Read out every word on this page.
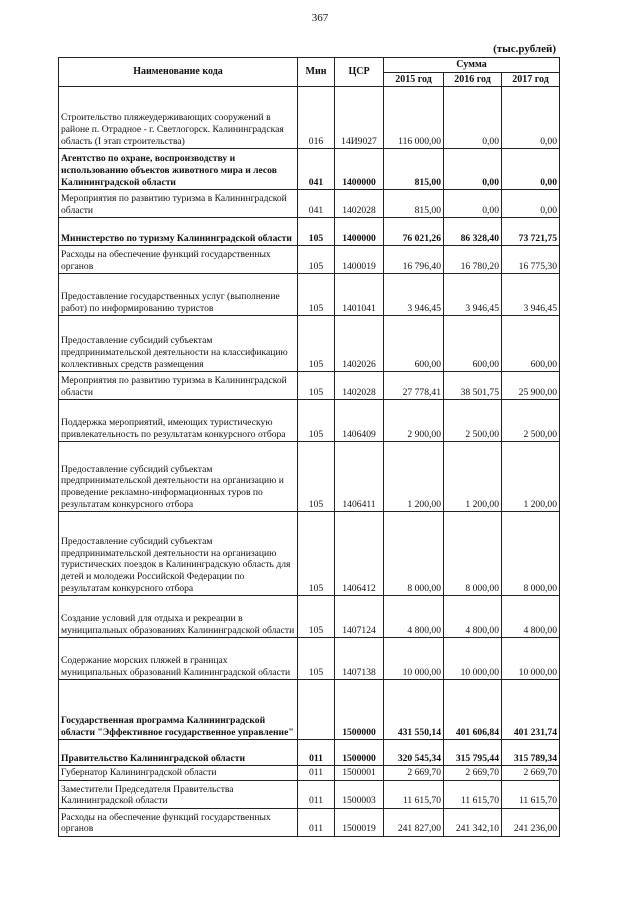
367
(тыс.рублей)
Наименование кода	Мин	ЦСР	Сумма		
			2015 год	2016 год	2017 год
Строительство пляжеудерживающих сооружений в районе п. Отрадное - г. Светлогорск. Калининградская область (I этап строительства)	016	14И9027	116 000,00	0,00	0,00
Агентство по охране, воспроизводству и использованию объектов животного мира и лесов Калининградской области	041	1400000	815,00	0,00	0,00
Мероприятия по развитию туризма в Калининградской области	041	1402028	815,00	0,00	0,00
Министерство по туризму Калининградской области	105	1400000	76 021,26	86 328,40	73 721,75
Расходы на обеспечение функций государственных органов	105	1400019	16 796,40	16 780,20	16 775,30
Предоставление государственных услуг (выполнение работ) по информированию туристов	105	1401041	3 946,45	3 946,45	3 946,45
Предоставление субсидий субъектам предпринимательской деятельности на классификацию коллективных средств размещения	105	1402026	600,00	600,00	600,00
Мероприятия по развитию туризма в Калининградской области	105	1402028	27 778,41	38 501,75	25 900,00
Поддержка мероприятий, имеющих туристическую привлекательность по результатам конкурсного отбора	105	1406409	2 900,00	2 500,00	2 500,00
Предоставление субсидий субъектам предпринимательской деятельности на организацию и проведение рекламно-информационных туров по результатам конкурсного отбора	105	1406411	1 200,00	1 200,00	1 200,00
Предоставление субсидий субъектам предпринимательской деятельности на организацию туристических поездок в Калининградскую область для детей и молодежи Российской Федерации по результатам конкурсного отбора	105	1406412	8 000,00	8 000,00	8 000,00
Создание условий для отдыха и рекреации в муниципальных образованиях Калининградской области	105	1407124	4 800,00	4 800,00	4 800,00
Содержание морских пляжей в границах муниципальных образований Калининградской области	105	1407138	10 000,00	10 000,00	10 000,00
Государственная программа Калининградской области "Эффективное государственное управление"		1500000	431 550,14	401 606,84	401 231,74
Правительство Калининградской области	011	1500000	320 545,34	315 795,44	315 789,34
Губернатор Калининградской области	011	1500001	2 669,70	2 669,70	2 669,70
Заместители Председателя Правительства Калининградской области	011	1500003	11 615,70	11 615,70	11 615,70
Расходы на обеспечение функций государственных органов	011	1500019	241 827,00	241 342,10	241 236,00
